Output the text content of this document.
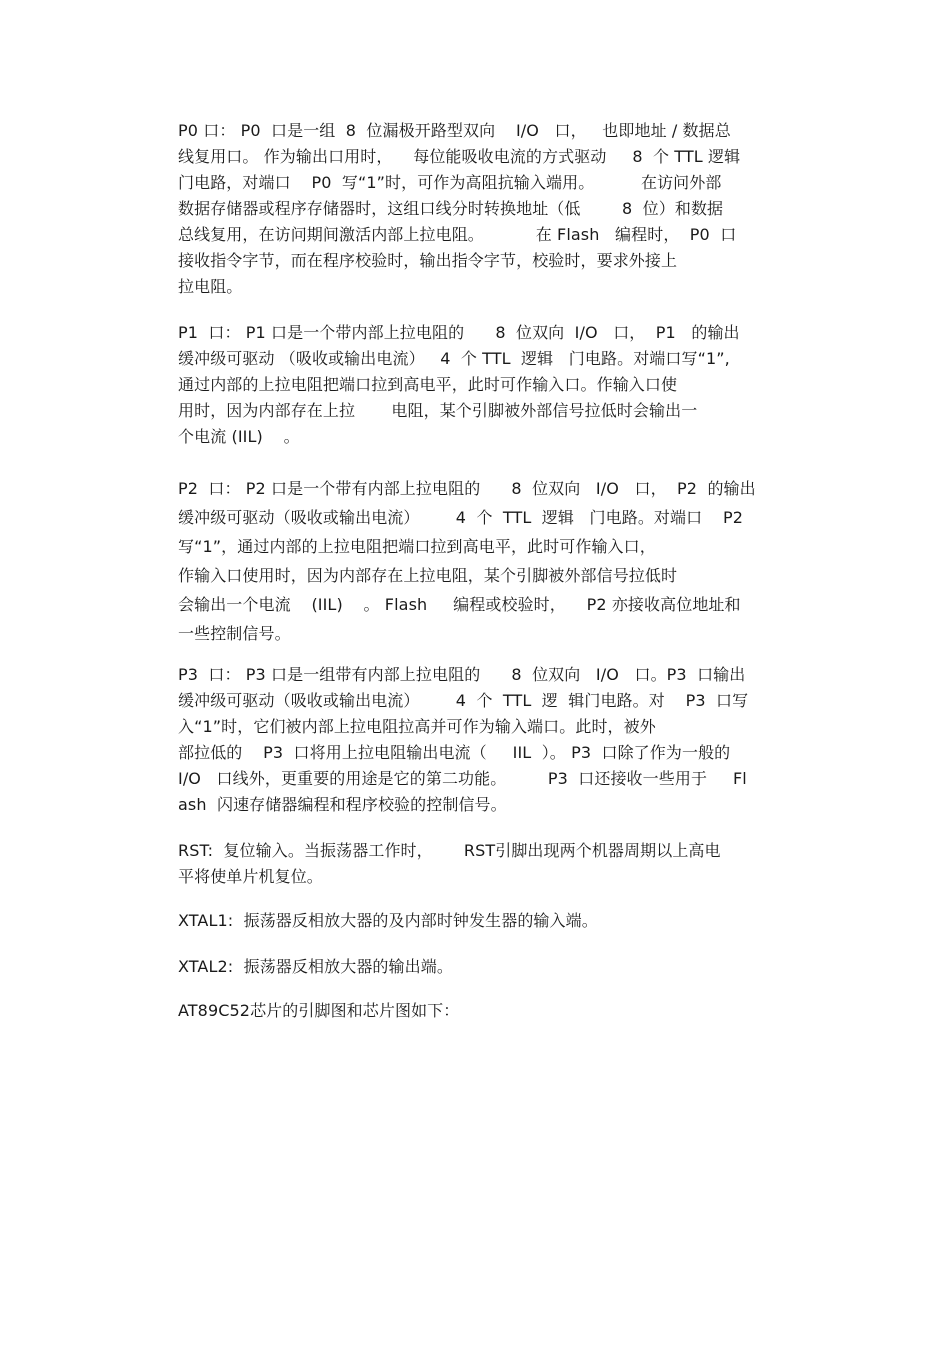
P0 口： P0  口是一组  8  位漏极开路型双向    I/O   口，   也即地址 / 数据总
线复用口。 作为输出口用时，    每位能吸收电流的方式驱动     8  个 TTL 逻辑
门电路，对端口    P0  写“1”时，可作为高阻抗输入端用。         在访问外部
数据存储器或程序存储器时，这组口线分时转换地址（低        8  位）和数据
总线复用，在访问期间激活内部上拉电阻。          在 Flash   编程时，  P0  口
接收指令字节，而在程序校验时，输出指令字节，校验时，要求外接上
拉电阻。
P1  口： P1 口是一个带内部上拉电阻的      8  位双向  I/O   口，  P1   的输出
缓冲级可驱动 （吸收或输出电流）   4  个 TTL  逻辑   门电路。对端口写“1”,
通过内部的上拉电阻把端口拉到高电平，此时可作输入口。作输入口使
用时，因为内部存在上拉       电阻，某个引脚被外部信号拉低时会输出一
个电流 (IIL)    。
P2  口： P2 口是一个带有内部上拉电阻的      8  位双向   I/O   口，  P2  的输出
缓冲级可驱动（吸收或输出电流）       4  个  TTL  逻辑   门电路。对端口    P2
写“1”，通过内部的上拉电阻把端口拉到高电平，此时可作输入口，
作输入口使用时，因为内部存在上拉电阻，某个引脚被外部信号拉低时
会输出一个电流    (IIL)    。 Flash     编程或校验时，    P2 亦接收高位地址和
一些控制信号。
P3  口： P3 口是一组带有内部上拉电阻的      8  位双向   I/O   口。P3  口输出
缓冲级可驱动（吸收或输出电流）       4  个  TTL  逻  辑门电路。对    P3  口写
入“1”时，它们被内部上拉电阻拉高并可作为输入端口。此时，被外
部拉低的    P3  口将用上拉电阻输出电流（     IIL  ）。 P3  口除了作为一般的
I/O   口线外，更重要的用途是它的第二功能。        P3  口还接收一些用于     Fl
ash  闪速存储器编程和程序校验的控制信号。
RST:  复位输入。当振荡器工作时，      RST引脚出现两个机器周期以上高电
平将使单片机复位。
XTAL1:  振荡器反相放大器的及内部时钟发生器的输入端。
XTAL2:  振荡器反相放大器的输出端。
AT89C52芯片的引脚图和芯片图如下：
